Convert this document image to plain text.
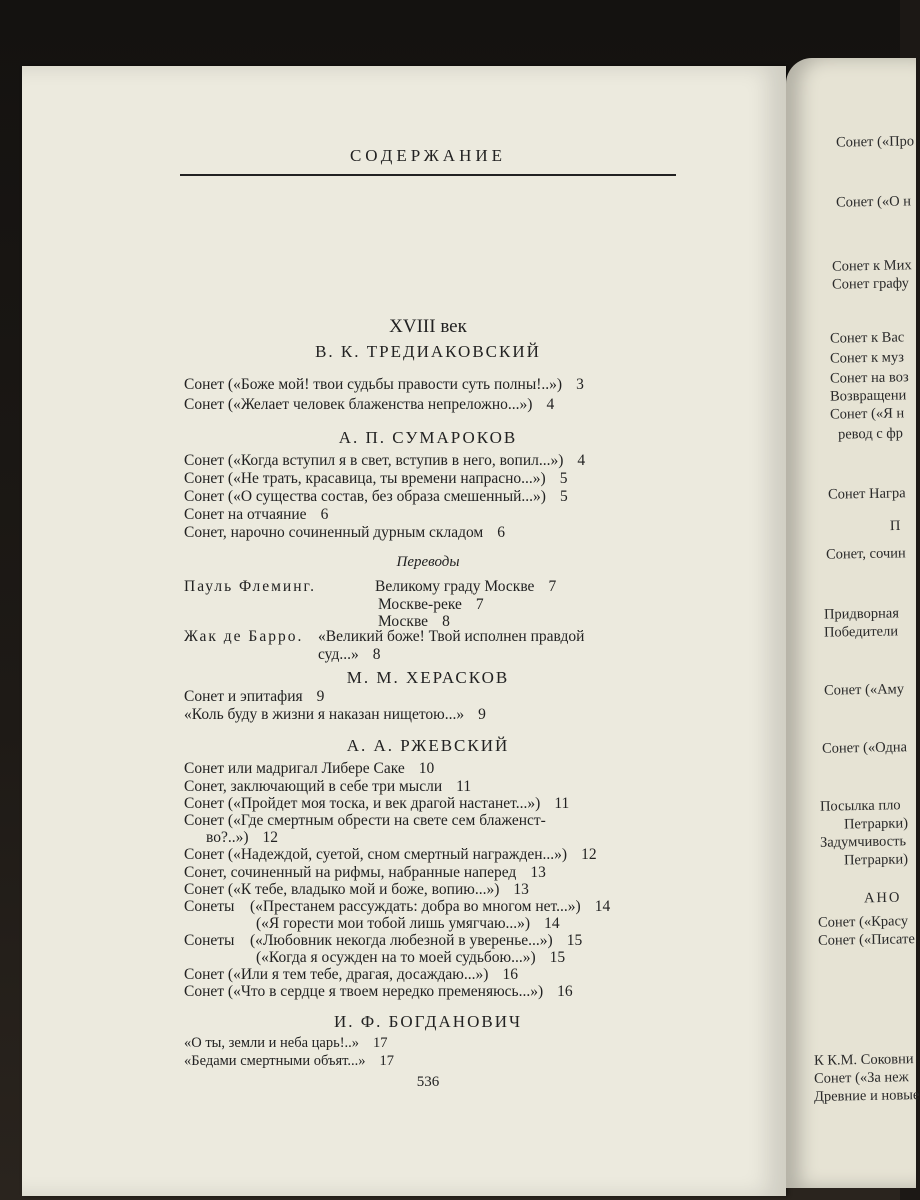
СОДЕРЖАНИЕ
XVIII век
В. К. ТРЕДИАКОВСКИЙ
Сонет («Боже мой! твои судьбы правости суть полны!..») 3
Сонет («Желает человек блаженства непреложно...») 4
А. П. СУМАРОКОВ
Сонет («Когда вступил я в свет, вступив в него, вопил...») 4
Сонет («Не трать, красавица, ты времени напрасно...») 5
Сонет («О существа состав, без образа смешенный...») 5
Сонет на отчаяние 6
Сонет, нарочно сочиненный дурным складом 6
Переводы
Пауль Флеминг.	Великому граду Москве 7
Москве-реке 7
Москве 8
Жак де Барро. «Великий боже! Твой исполнен правдой
суд...» 8
М. М. ХЕРАСКОВ
Сонет и эпитафия 9
«Коль буду в жизни я наказан нищетою...» 9
А. А. РЖЕВСКИЙ
Сонет или мадригал Либере Саке 10
Сонет, заключающий в себе три мысли 11
Сонет («Пройдет моя тоска, и век драгой настанет...») 11
Сонет («Где смертным обрести на свете сем блаженст-
во?..») 12
Сонет («Надеждой, суетой, сном смертный награжден...») 12
Сонет, сочиненный на рифмы, набранные наперед 13
Сонет («К тебе, владыко мой и боже, вопию...») 13
Сонеты («Престанем рассуждать: добра во многом нет...») 14
(«Я горести мои тобой лишь умягчаю...») 14
Сонеты («Любовник некогда любезной в уверенье...») 15
(«Когда я осужден на то моей судьбою...») 15
Сонет («Или я тем тебе, драгая, досаждаю...») 16
Сонет («Что в сердце я твоем нередко пременяюсь...») 16
И. Ф. БОГДАНОВИЧ
«О ты, земли и неба царь!..» 17
«Бедами смертными объят...» 17
536
Сонет («Про
Сонет («О н
Сонет к Мих
Сонет графу
Сонет к Вас
Сонет к муз
Сонет на воз
Возвращени
Сонет («Я н
ревод с фр
Сонет Награ
П
Сонет, сочин
Придворная
Победители
Сонет («Аму
Сонет («Одна
Посылка пло
Петрарки)
Задумчивость
Петрарки)
АНО
Сонет («Красу
Сонет («Писате
К К.М. Соковни
Сонет («За неж
Древние и новые
